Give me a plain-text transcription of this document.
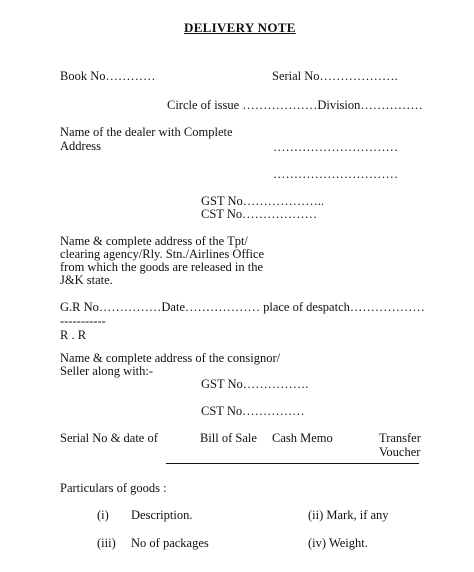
DELIVERY NOTE
Book No…………	Serial No……………….
Circle of issue ………………Division……………
Name of the dealer with Complete
Address	…………………………
…………………………
GST No………………..
CST No………………
Name & complete address of the Tpt/
clearing agency/Rly. Stn./Airlines Office
from which the goods are released in the
J&K state.
G.R No……………Date……………… place of despatch………………
-----------
R . R
Name & complete address of the consignor/
Seller along with:-
GST No…………….
CST No……………
Serial No & date of	Bill of Sale Cash Memo	Transfer
Voucher
Particulars of goods :
(i) Description.	(ii) Mark, if any
(iii) No of packages	(iv) Weight.
